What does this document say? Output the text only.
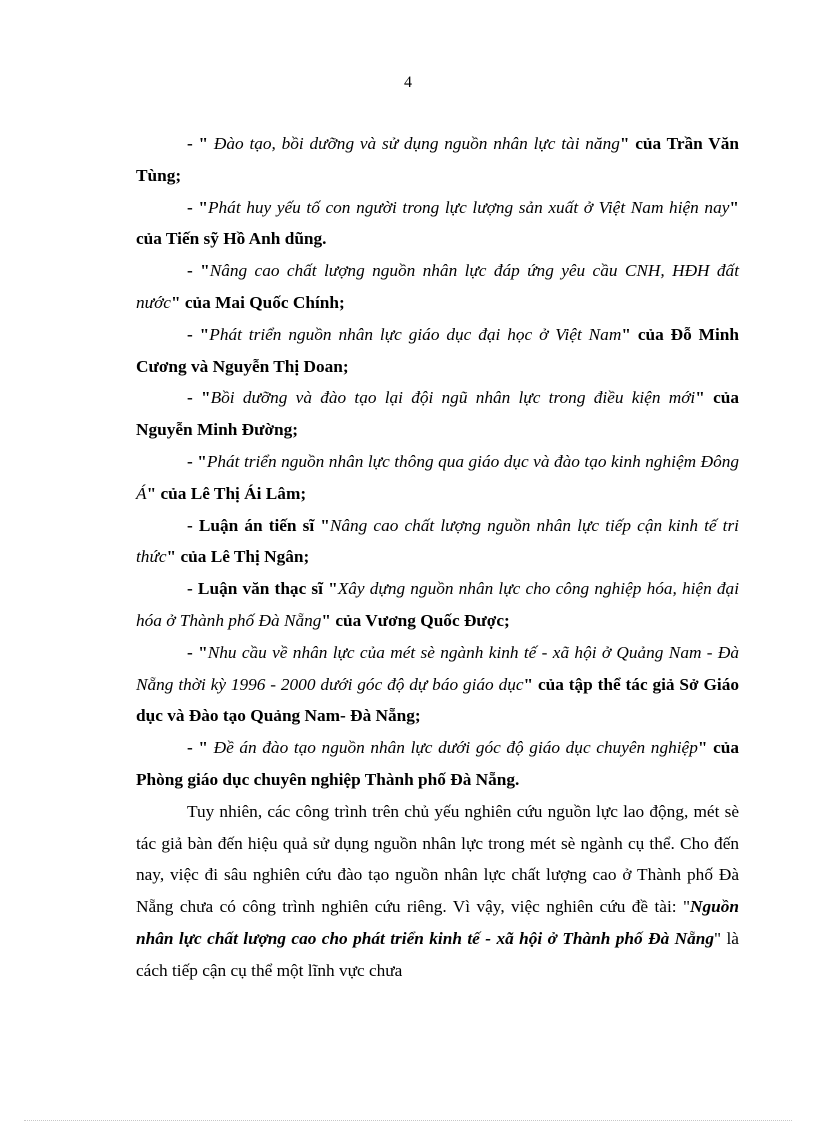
4

- " Đào tạo, bồi dưỡng và sử dụng nguồn nhân lực tài năng" của Trần Văn Tùng;

- "Phát huy yếu tố con người trong lực lượng sản xuất ở Việt Nam hiện nay" của Tiến sỹ Hồ Anh dũng.

- "Nâng cao chất lượng nguồn nhân lực đáp ứng yêu cầu CNH, HĐH đất nước" của Mai Quốc Chính;

- "Phát triển nguồn nhân lực giáo dục đại học ở Việt Nam" của Đỗ Minh Cương và Nguyễn Thị Doan;

- "Bồi dưỡng và đào tạo lại đội ngũ nhân lực trong điều kiện mới" của Nguyễn Minh Đường;

- "Phát triển nguồn nhân lực thông qua giáo dục và đào tạo kinh nghiệm Đông Á" của Lê Thị Ái Lâm;

- Luận án tiến sĩ "Nâng cao chất lượng nguồn nhân lực tiếp cận kinh tế tri thức" của Lê Thị Ngân;

- Luận văn thạc sĩ "Xây dựng nguồn nhân lực cho công nghiệp hóa, hiện đại hóa ở Thành phố Đà Nẵng" của Vương Quốc Được;

- "Nhu cầu về nhân lực của mét sè ngành kinh tế - xã hội ở Quảng Nam - Đà Nẵng thời kỳ 1996 - 2000 dưới góc độ dự báo giáo dục" của tập thể tác giả Sở Giáo dục và Đào tạo Quảng Nam- Đà Nẵng;

- " Đề án đào tạo nguồn nhân lực dưới góc độ giáo dục chuyên nghiệp" của Phòng giáo dục chuyên nghiệp Thành phố Đà Nẵng.

Tuy nhiên, các công trình trên chủ yếu nghiên cứu nguồn lực lao động, mét sè tác giả bàn đến hiệu quả sử dụng nguồn nhân lực trong mét sè ngành cụ thể. Cho đến nay, việc đi sâu nghiên cứu đào tạo nguồn nhân lực chất lượng cao ở Thành phố Đà Nẵng chưa có công trình nghiên cứu riêng. Vì vậy, việc nghiên cứu đề tài: "Nguồn nhân lực chất lượng cao cho phát triển kinh tế - xã hội ở Thành phố Đà Nẵng" là cách tiếp cận cụ thể một lĩnh vực chưa
